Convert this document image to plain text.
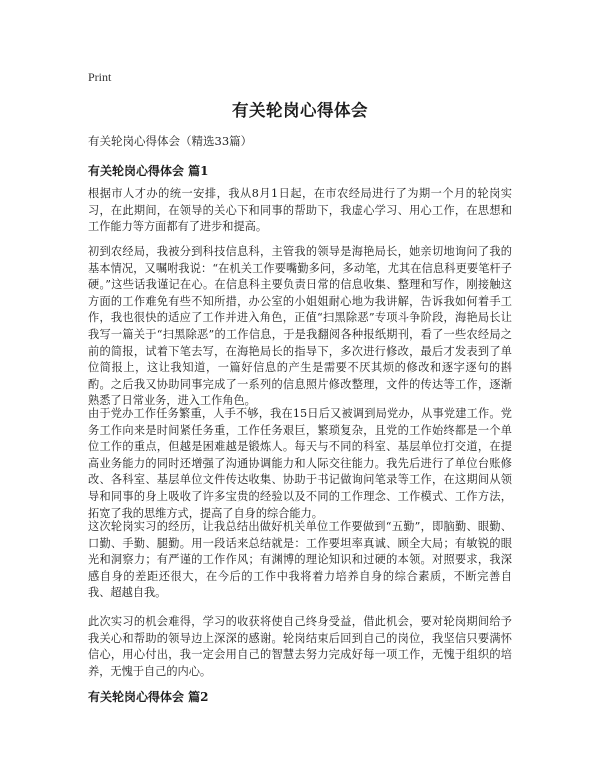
Print
有关轮岗心得体会
有关轮岗心得体会（精选33篇）
有关轮岗心得体会 篇1
根据市人才办的统一安排，我从8月1日起，在市农经局进行了为期一个月的轮岗实习，在此期间，在领导的关心下和同事的帮助下，我虚心学习、用心工作，在思想和工作能力等方面都有了进步和提高。
初到农经局，我被分到科技信息科，主管我的领导是海艳局长，她亲切地询问了我的基本情况，又嘱咐我说：“在机关工作要嘴勤多问，多动笔，尤其在信息科更要笔杆子硬。”这些话我谨记在心。在信息科主要负责日常的信息收集、整理和写作，刚接触这方面的工作难免有些不知所措，办公室的小姐姐耐心地为我讲解，告诉我如何着手工作，我也很快的适应了工作并进入角色，正值“扫黑除恶”专项斗争阶段，海艳局长让我写一篇关于“扫黑除恶”的工作信息，于是我翻阅各种报纸期刊，看了一些农经局之前的简报，试着下笔去写，在海艳局长的指导下，多次进行修改，最后才发表到了单位简报上，这让我知道，一篇好信息的产生是需要不厌其烦的修改和逐字逐句的斟酌。之后我又协助同事完成了一系列的信息照片修改整理，文件的传达等工作，逐渐熟悉了日常业务，进入工作角色。
由于党办工作任务繁重，人手不够，我在15日后又被调到局党办，从事党建工作。党务工作向来是时间紧任务重，工作任务艰巨，繁琐复杂，且党的工作始终都是一个单位工作的重点，但越是困难越是锻炼人。每天与不同的科室、基层单位打交道，在提高业务能力的同时还增强了沟通协调能力和人际交往能力。我先后进行了单位台账修改、各科室、基层单位文件传达收集、协助于书记做询问笔录等工作，在这期间从领导和同事的身上吸收了许多宝贵的经验以及不同的工作理念、工作模式、工作方法，拓宽了我的思维方式，提高了自身的综合能力。
这次轮岗实习的经历，让我总结出做好机关单位工作要做到“五勤”，即脑勤、眼勤、口勤、手勤、腿勤。用一段话来总结就是：工作要坦率真诚、顾全大局；有敏锐的眼光和洞察力；有严谨的工作作风；有渊博的理论知识和过硬的本领。对照要求，我深感自身的差距还很大，在今后的工作中我将着力培养自身的综合素质，不断完善自我、超越自我。
此次实习的机会难得，学习的收获将使自己终身受益，借此机会，要对轮岗期间给予我关心和帮助的领导边上深深的感谢。轮岗结束后回到自己的岗位，我坚信只要满怀信心，用心付出，我一定会用自己的智慧去努力完成好每一项工作，无愧于组织的培养，无愧于自己的内心。
有关轮岗心得体会 篇2
